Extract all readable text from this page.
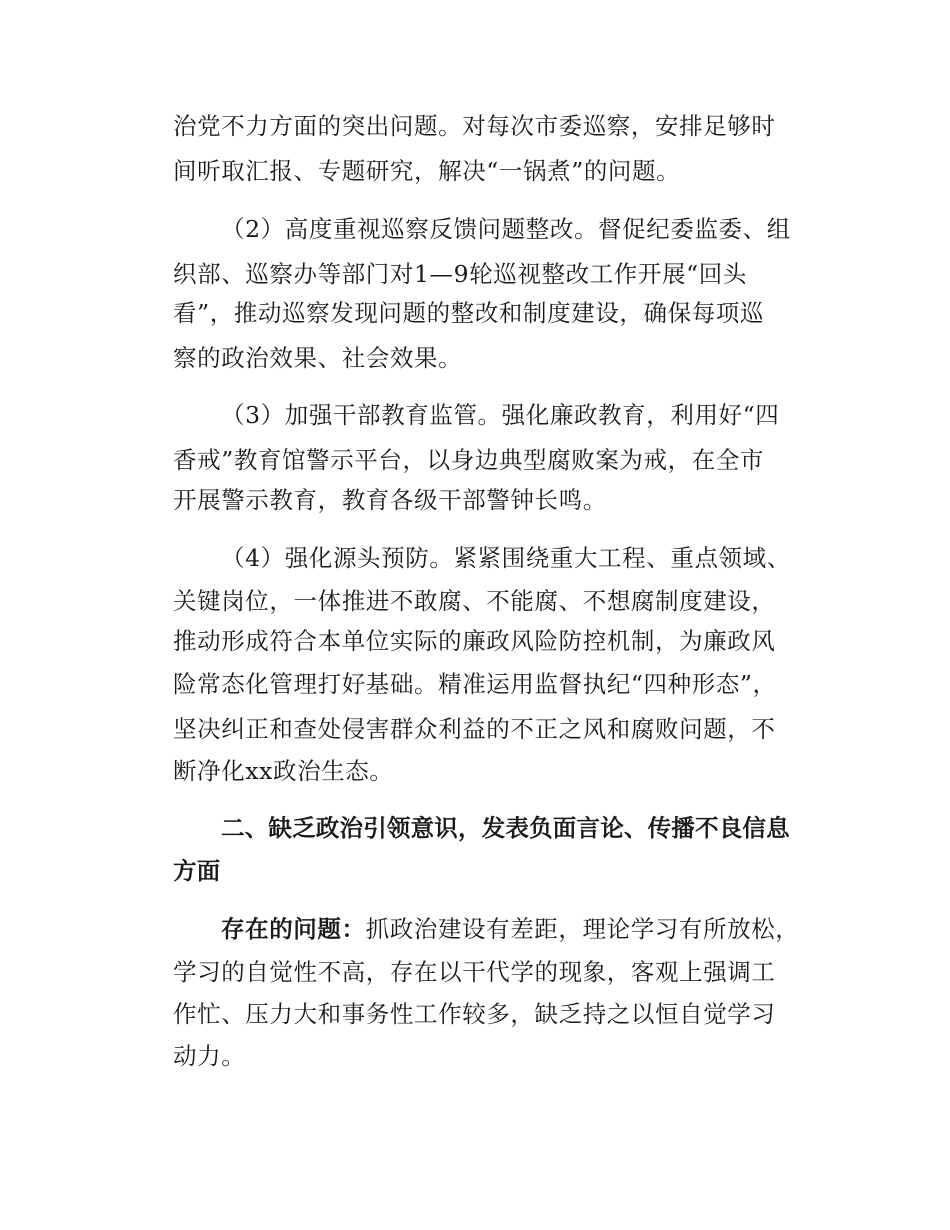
治党不力方面的突出问题。对每次市委巡察，安排足够时
间听取汇报、专题研究，解决“一锅煮”的问题。
（2）高度重视巡察反馈问题整改。督促纪委监委、组
织部、巡察办等部门对1—9轮巡视整改工作开展“回头
看”，推动巡察发现问题的整改和制度建设，确保每项巡
察的政治效果、社会效果。
（3）加强干部教育监管。强化廉政教育，利用好“四
香戒”教育馆警示平台，以身边典型腐败案为戒，在全市
开展警示教育，教育各级干部警钟长鸣。
（4）强化源头预防。紧紧围绕重大工程、重点领域、
关键岗位，一体推进不敢腐、不能腐、不想腐制度建设，
推动形成符合本单位实际的廉政风险防控机制，为廉政风
险常态化管理打好基础。精准运用监督执纪“四种形态”，
坚决纠正和查处侵害群众利益的不正之风和腐败问题，不
断净化xx政治生态。
二、缺乏政治引领意识，发表负面言论、传播不良信息
方面
存在的问题：抓政治建设有差距，理论学习有所放松，
学习的自觉性不高，存在以干代学的现象，客观上强调工
作忙、压力大和事务性工作较多，缺乏持之以恒自觉学习
动力。
